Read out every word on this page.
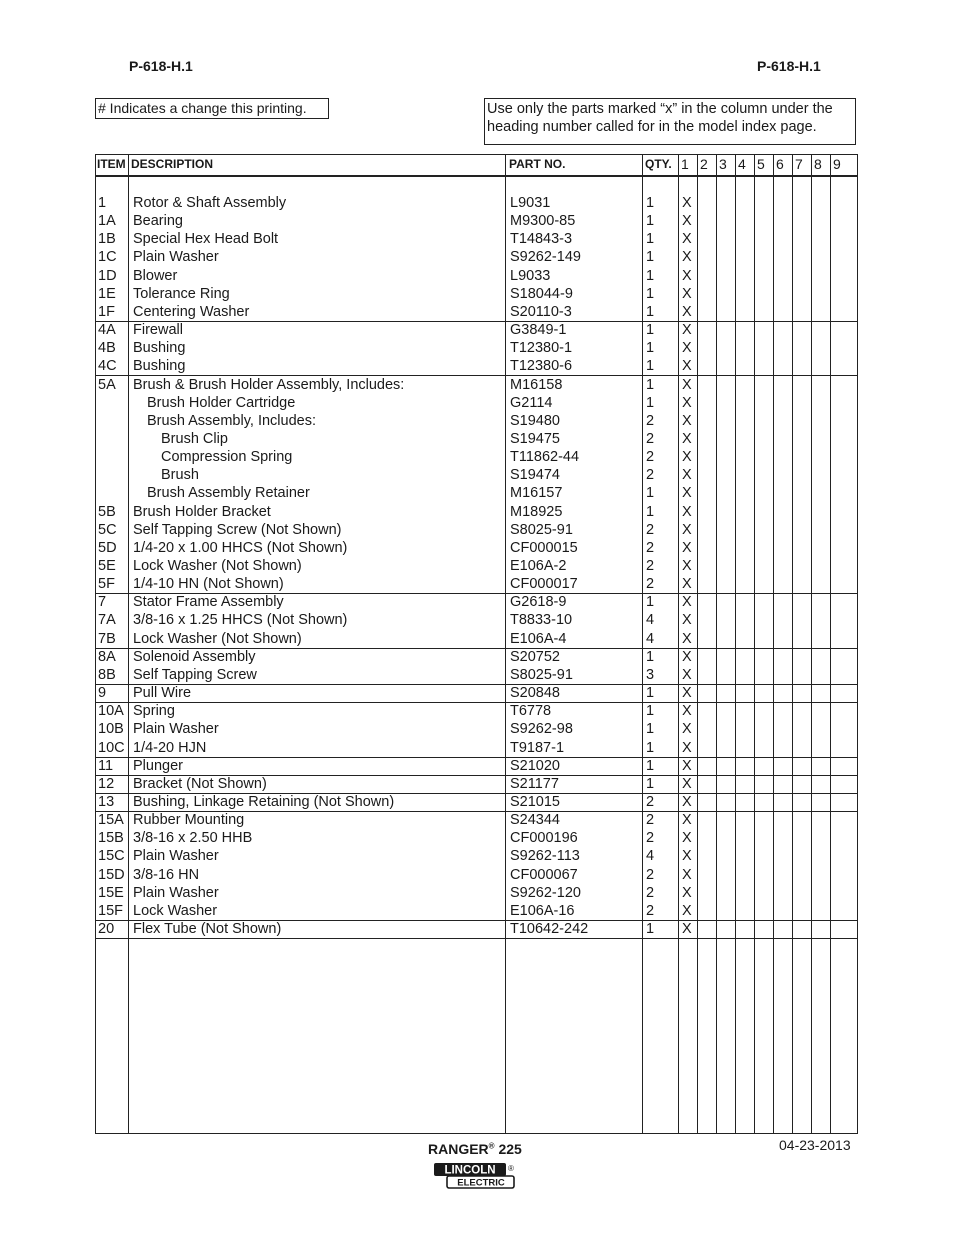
P-618-H.1	P-618-H.1
# Indicates a change this printing.	Use only the parts marked “x” in the column under the heading number called for in the model index page.
ITEM DESCRIPTION	PART NO.	QTY. 1 2 3 4 5 6 7 8 9
1 Rotor & Shaft Assembly	L9031	1 X
1A Bearing	M9300-85	1 X
1B Special Hex Head Bolt	T14843-3	1 X
1C Plain Washer	S9262-149	1 X
1D Blower	L9033	1 X
1E Tolerance Ring	S18044-9	1 X
1F Centering Washer	S20110-3	1 X
4A Firewall	G3849-1	1 X
4B Bushing	T12380-1	1 X
4C Bushing	T12380-6	1 X
5A Brush & Brush Holder Assembly, Includes:	M16158	1 X
Brush Holder Cartridge	G2114	1 X
Brush Assembly, Includes:	S19480	2 X
Brush Clip	S19475	2 X
Compression Spring	T11862-44	2 X
Brush	S19474	2 X
Brush Assembly Retainer	M16157	1 X
5B Brush Holder Bracket	M18925	1 X
5C Self Tapping Screw (Not Shown)	S8025-91	2 X
5D 1/4-20 x 1.00 HHCS (Not Shown)	CF000015	2 X
5E Lock Washer (Not Shown)	E106A-2	2 X
5F 1/4-10 HN (Not Shown)	CF000017	2 X
7 Stator Frame Assembly	G2618-9	1 X
7A 3/8-16 x 1.25 HHCS (Not Shown)	T8833-10	4 X
7B Lock Washer (Not Shown)	E106A-4	4 X
8A Solenoid Assembly	S20752	1 X
8B Self Tapping Screw	S8025-91	3 X
9 Pull Wire	S20848	1 X
10A Spring	T6778	1 X
10B Plain Washer	S9262-98	1 X
10C 1/4-20 HJN	T9187-1	1 X
11 Plunger	S21020	1 X
12 Bracket (Not Shown)	S21177	1 X
13 Bushing, Linkage Retaining (Not Shown)	S21015	2 X
15A Rubber Mounting	S24344	2 X
15B 3/8-16 x 2.50 HHB	CF000196	2 X
15C Plain Washer	S9262-113	4 X
15D 3/8-16 HN	CF000067	2 X
15E Plain Washer	S9262-120	2 X
15F Lock Washer	E106A-16	2 X
20 Flex Tube (Not Shown)	T10642-242	1 X
RANGER® 225	04-23-2013
LINCOLN ®
ELECTRIC
